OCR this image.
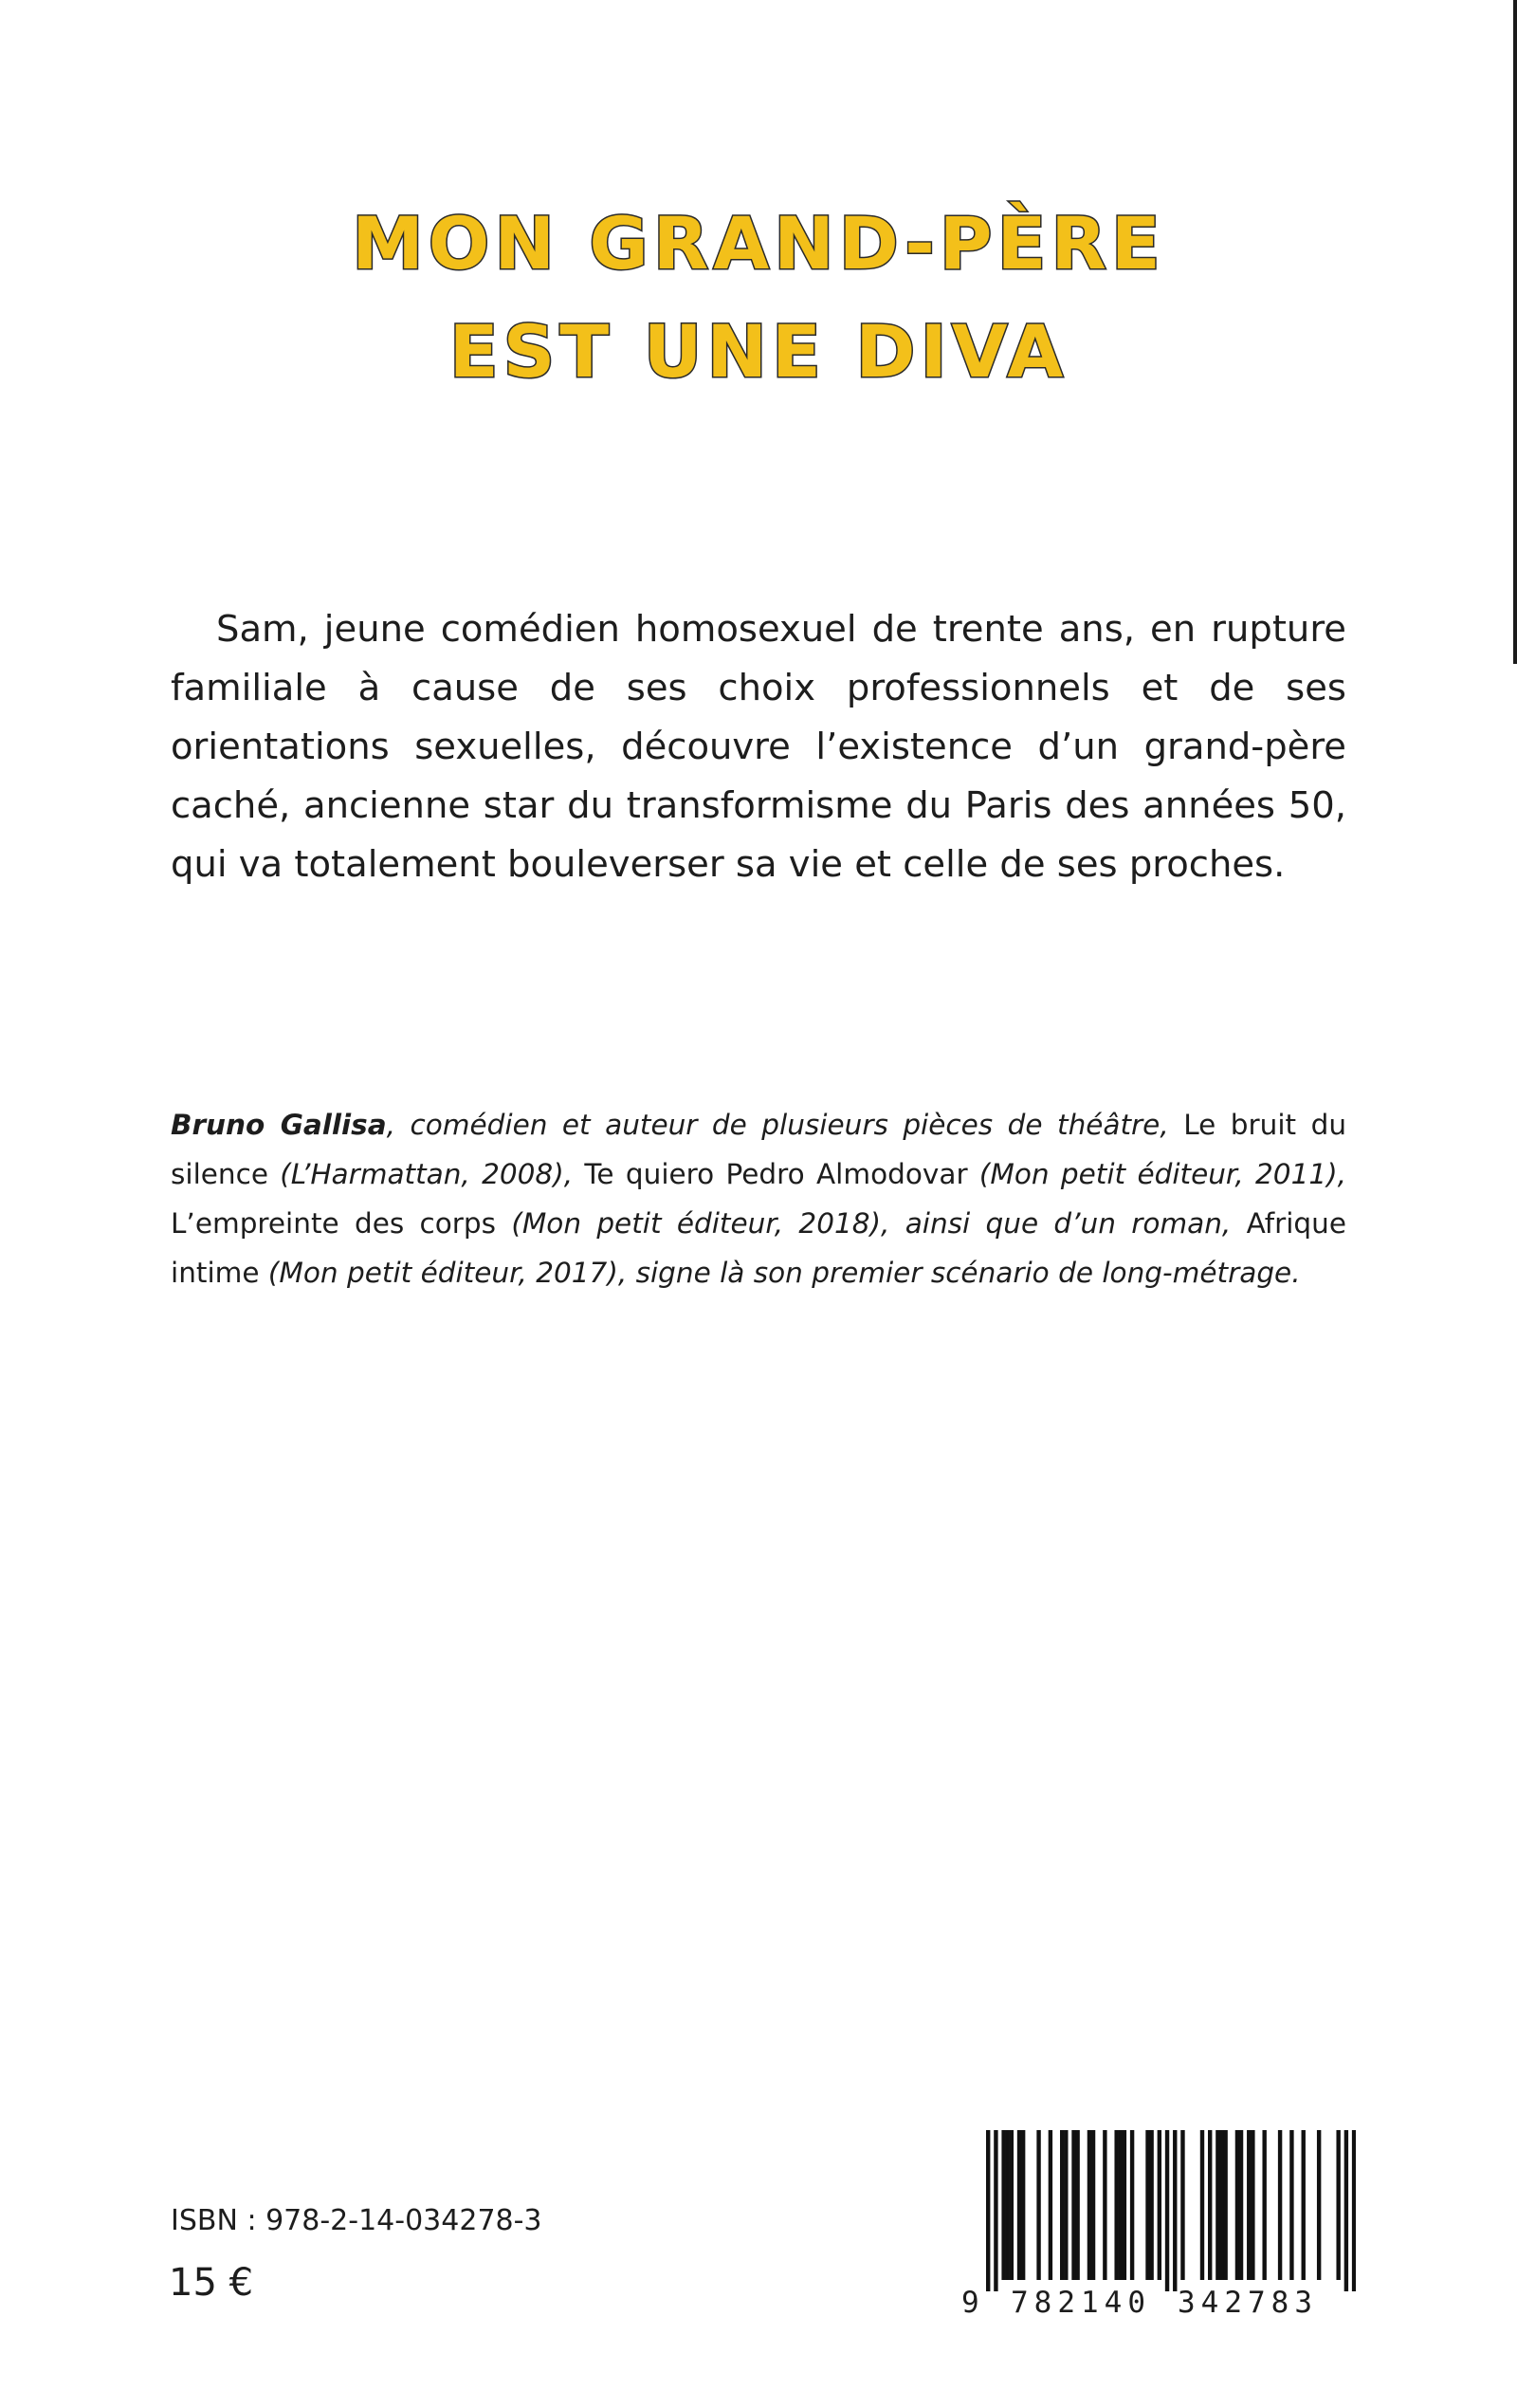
MON GRAND-PÈRE
EST UNE DIVA

Sam, jeune comédien homosexuel de trente ans, en rupture familiale à cause de ses choix professionnels et de ses orientations sexuelles, découvre l’existence d’un grand-père caché, ancienne star du transformisme du Paris des années 50, qui va totalement bouleverser sa vie et celle de ses proches.

Bruno Gallisa, comédien et auteur de plusieurs pièces de théâtre, Le bruit du silence (L’Harmattan, 2008), Te quiero Pedro Almodovar (Mon petit éditeur, 2011), L’empreinte des corps (Mon petit éditeur, 2018), ainsi que d’un roman, Afrique intime (Mon petit éditeur, 2017), signe là son premier scénario de long-métrage.

ISBN : 978-2-14-034278-3
15 €	9 782140 342783
